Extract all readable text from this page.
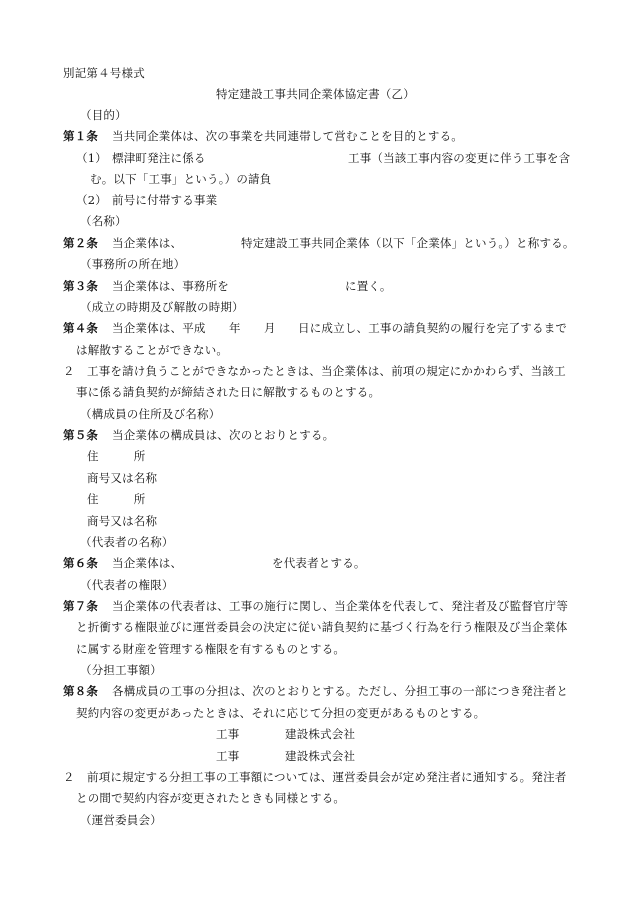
別記第４号様式
特定建設工事共同企業体協定書（乙）
（目的）
第１条 当共同企業体は、次の事業を共同連帯して営むことを目的とする。
（1） 標津町発注に係る	工事（当該工事内容の変更に伴う工事を含
む。以下「工事」という。）の請負
（2） 前号に付帯する事業
（名称）
第２条 当企業体は、	特定建設工事共同企業体（以下「企業体」という。）と称する。
（事務所の所在地）
第３条 当企業体は、事務所を	に置く。
（成立の時期及び解散の時期）
第４条 当企業体は、平成 年 月 日に成立し、工事の請負契約の履行を完了するまで
は解散することができない。
２ 工事を請け負うことができなかったときは、当企業体は、前項の規定にかかわらず、当該工
事に係る請負契約が締結された日に解散するものとする。
（構成員の住所及び名称）
第５条 当企業体の構成員は、次のとおりとする。
住　　　所
商号又は名称
住　　　所
商号又は名称
（代表者の名称）
第６条 当企業体は、	を代表者とする。
（代表者の権限）
第７条 当企業体の代表者は、工事の施行に関し、当企業体を代表して、発注者及び監督官庁等
と折衝する権限並びに運営委員会の決定に従い請負契約に基づく行為を行う権限及び当企業体
に属する財産を管理する権限を有するものとする。
（分担工事額）
第８条 各構成員の工事の分担は、次のとおりとする。ただし、分担工事の一部につき発注者と
契約内容の変更があったときは、それに応じて分担の変更があるものとする。
工事	建設株式会社
工事	建設株式会社
２ 前項に規定する分担工事の工事額については、運営委員会が定め発注者に通知する。発注者
との間で契約内容が変更されたときも同様とする。
（運営委員会）
